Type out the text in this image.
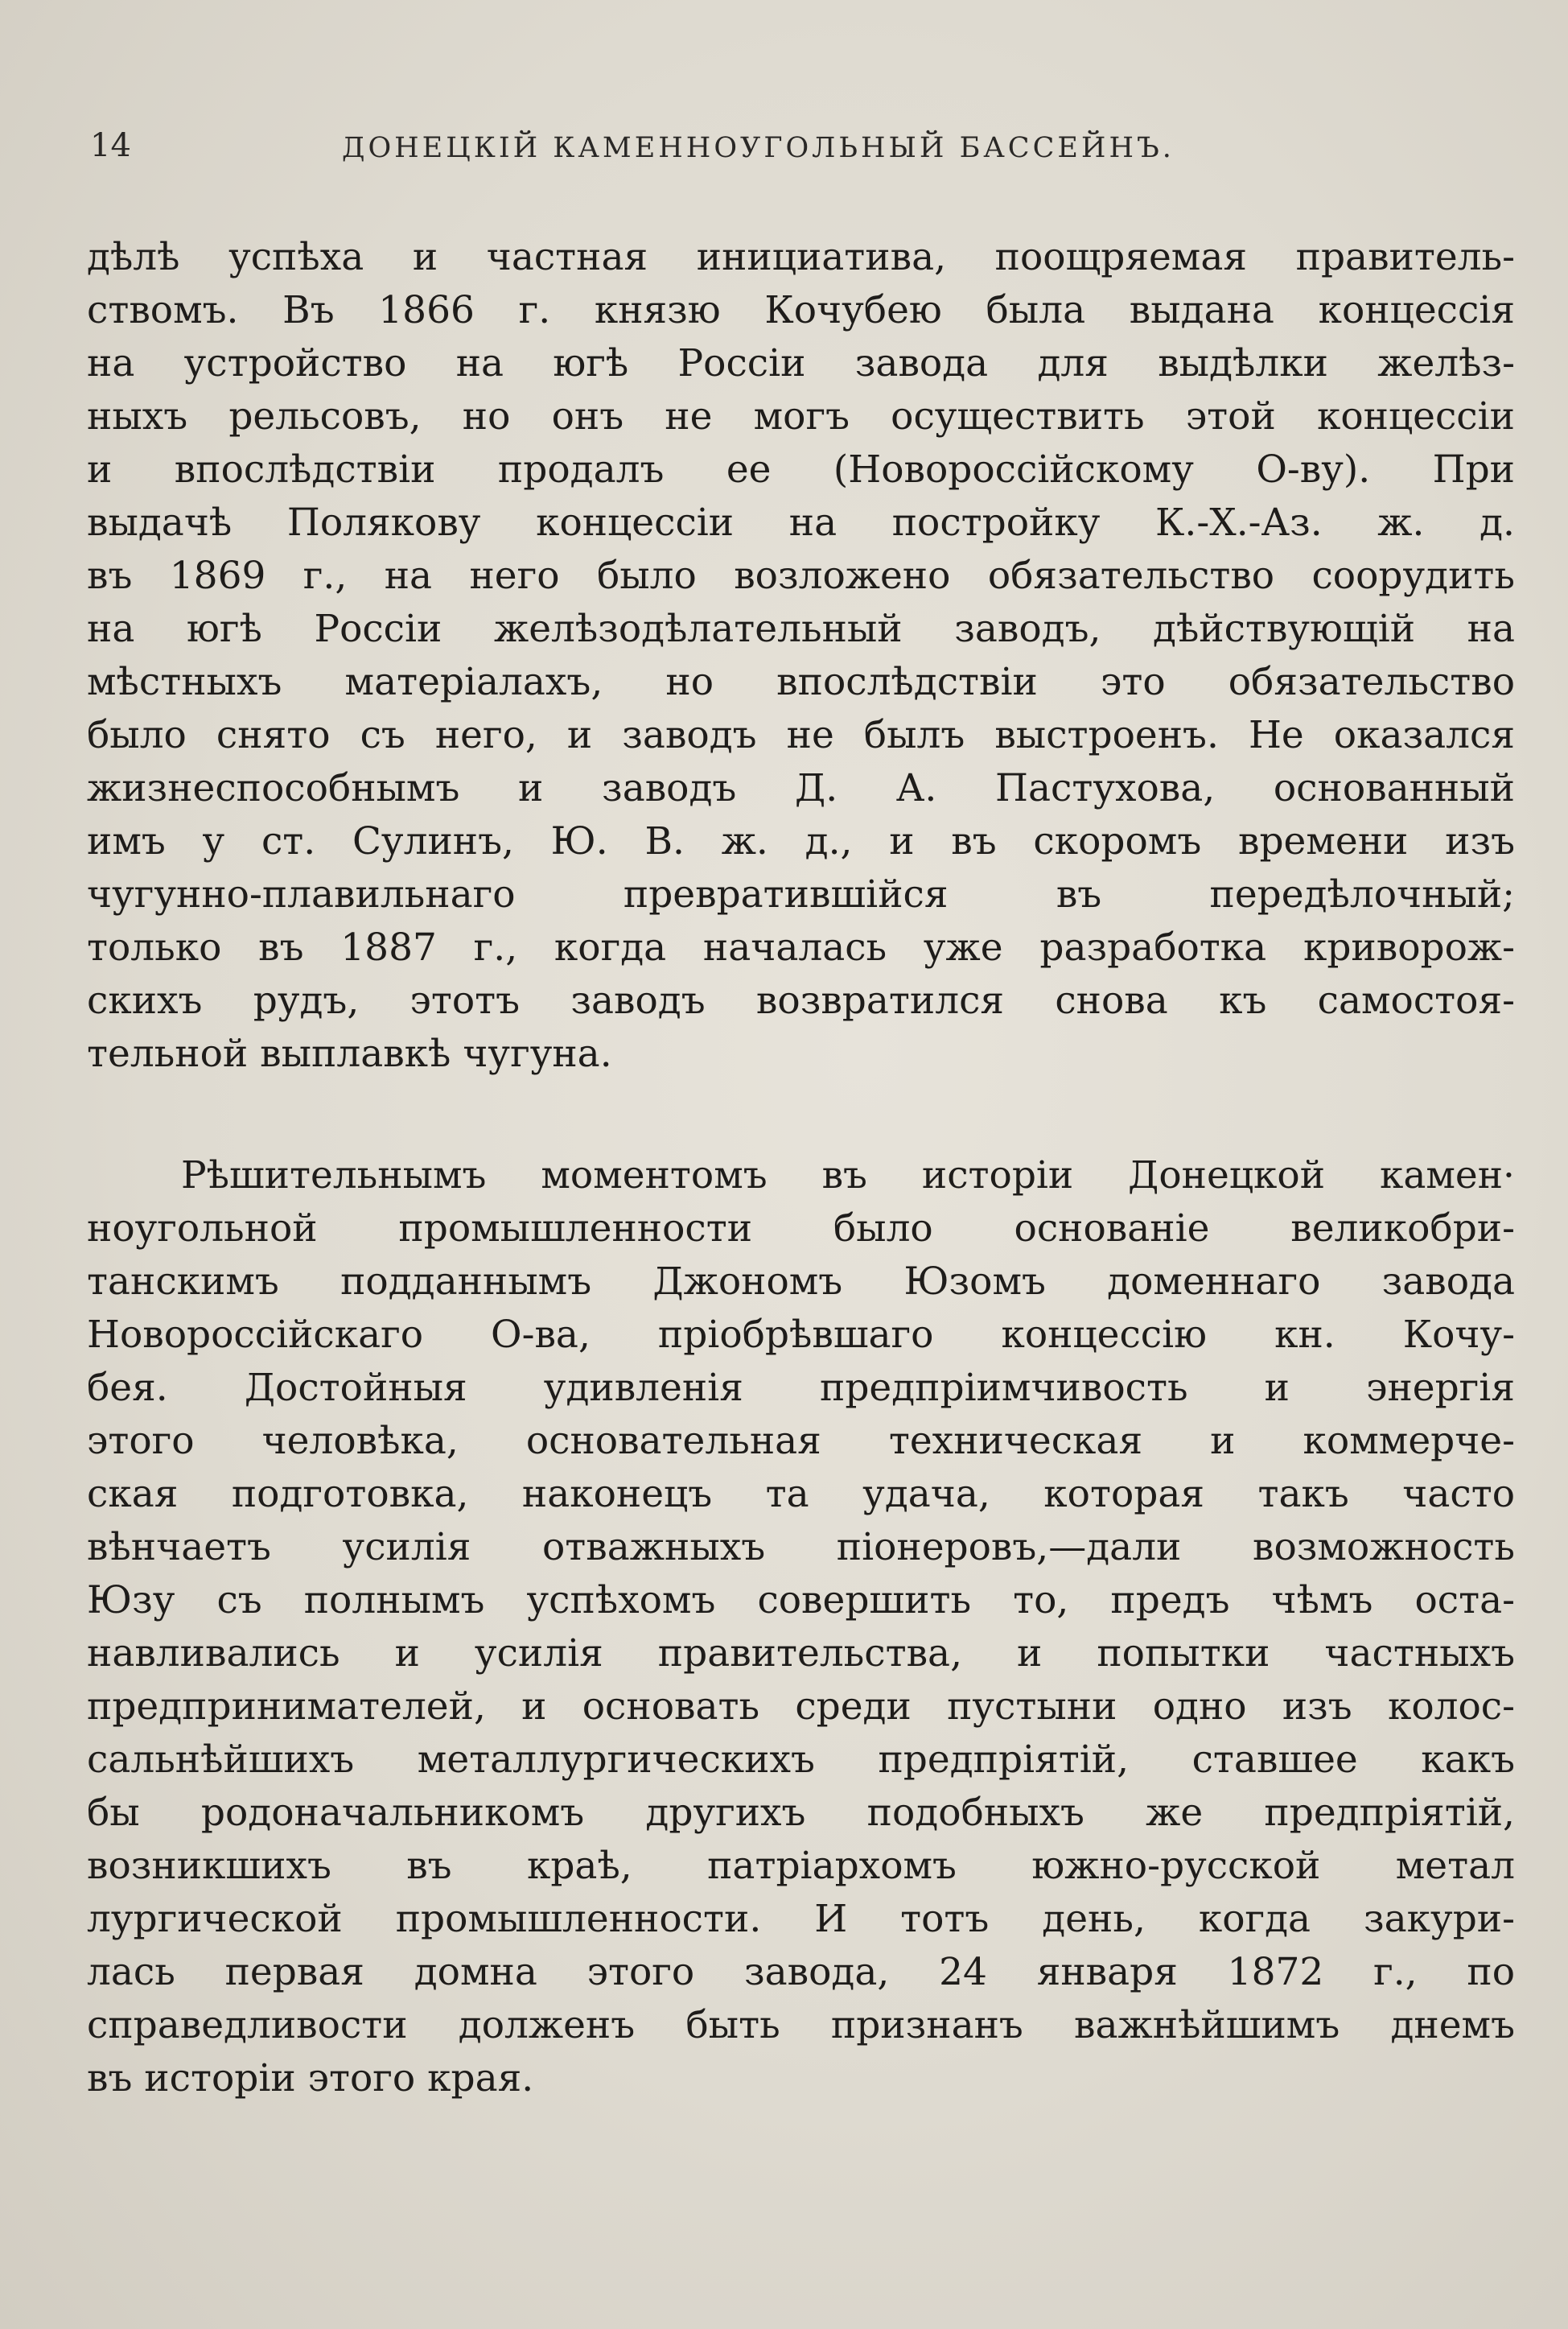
14	ДОНЕЦКІЙ КАМЕННОУГОЛЬНЫЙ БАССЕЙНЪ.
дѣлѣ успѣха и частная инициатива, поощряемая правитель-
ствомъ. Въ 1866 г. князю Кочубею была выдана концессія
на устройство на югѣ Россіи завода для выдѣлки желѣз-
ныхъ рельсовъ, но онъ не могъ осуществить этой концессіи
и впослѣдствіи продалъ ее (Новороссійскому О-ву). При
выдачѣ Полякову концессіи на постройку К.-Х.-Аз. ж. д.
въ 1869 г., на него было возложено обязательство соорудить
на югѣ Россіи желѣзодѣлательный заводъ, дѣйствующій на
мѣстныхъ матеріалахъ, но впослѣдствіи это обязательство
было снято съ него, и заводъ не былъ выстроенъ. Не оказался
жизнеспособнымъ и заводъ Д. А. Пастухова, основанный
имъ у ст. Сулинъ, Ю. В. ж. д., и въ скоромъ времени изъ
чугунно-плавильнаго превратившійся въ передѣлочный;
только въ 1887 г., когда началась уже разработка криворож-
скихъ рудъ, этотъ заводъ возвратился снова къ самостоя-
тельной выплавкѣ чугуна.
Рѣшительнымъ моментомъ въ исторіи Донецкой камен·
ноугольной промышленности было основаніе великобри-
танскимъ подданнымъ Джономъ Юзомъ доменнаго завода
Новороссійскаго О-ва, пріобрѣвшаго концессію кн. Кочу-
бея. Достойныя удивленія предпріимчивость и энергія
этого человѣка, основательная техническая и коммерче-
ская подготовка, наконецъ та удача, которая такъ часто
вѣнчаетъ усилія отважныхъ піонеровъ,—дали возможность
Юзу съ полнымъ успѣхомъ совершить то, предъ чѣмъ оста-
навливались и усилія правительства, и попытки частныхъ
предпринимателей, и основать среди пустыни одно изъ колос-
сальнѣйшихъ металлургическихъ предпріятій, ставшее какъ
бы родоначальникомъ другихъ подобныхъ же предпріятій,
возникшихъ въ краѣ, патріархомъ южно-русской метал
лургической промышленности. И тотъ день, когда закури-
лась первая домна этого завода, 24 января 1872 г., по
справедливости долженъ быть признанъ важнѣйшимъ днемъ
въ исторіи этого края.
